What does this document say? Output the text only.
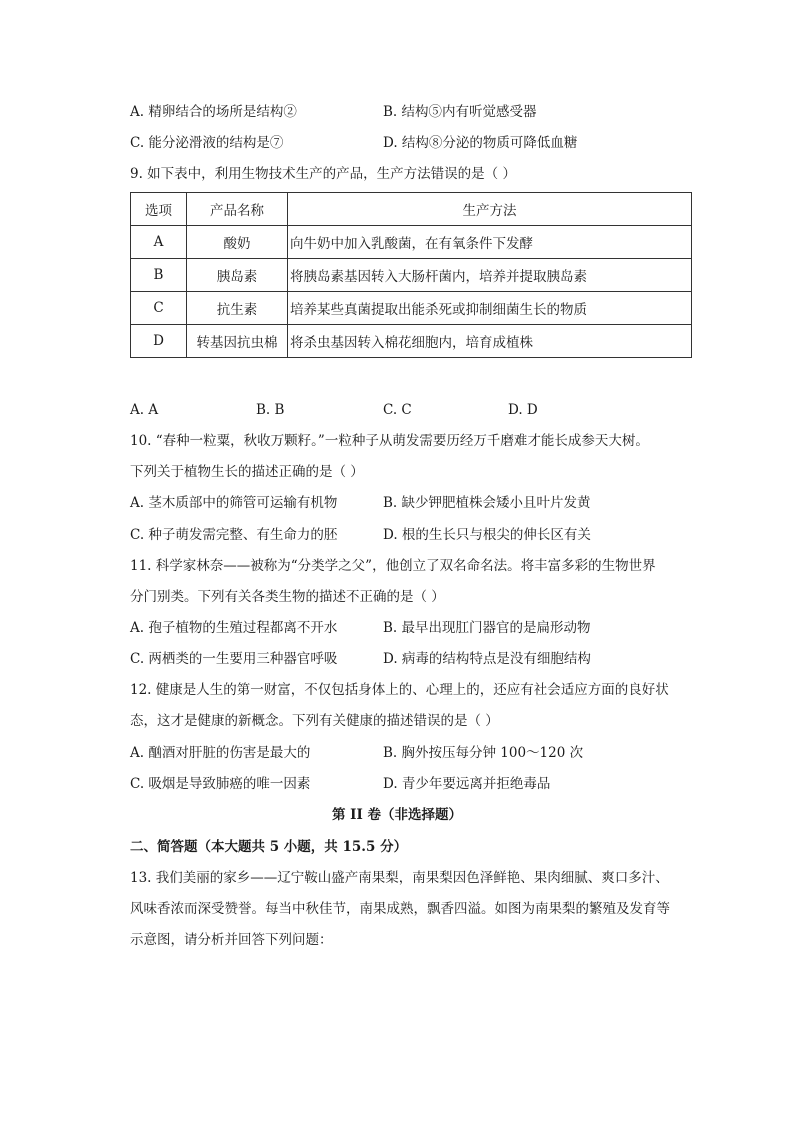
A. 精卵结合的场所是结构②	B. 结构⑤内有听觉感受器
C. 能分泌滑液的结构是⑦	D. 结构⑧分泌的物质可降低血糖
9. 如下表中，利用生物技术生产的产品，生产方法错误的是（ ）
选项	产品名称	生产方法
A	酸奶	向牛奶中加入乳酸菌，在有氧条件下发酵
B	胰岛素	将胰岛素基因转入大肠杆菌内，培养并提取胰岛素
C	抗生素	培养某些真菌提取出能杀死或抑制细菌生长的物质
D	转基因抗虫棉	将杀虫基因转入棉花细胞内，培育成植株
A. A	B. B	C. C	D. D
10. “春种一粒粟，秋收万颗籽。”一粒种子从萌发需要历经万千磨难才能长成参天大树。
下列关于植物生长的描述正确的是（ ）
A. 茎木质部中的筛管可运输有机物	B. 缺少钾肥植株会矮小且叶片发黄
C. 种子萌发需完整、有生命力的胚	D. 根的生长只与根尖的伸长区有关
11. 科学家林奈——被称为“分类学之父”，他创立了双名命名法。将丰富多彩的生物世界
分门别类。下列有关各类生物的描述不正确的是（ ）
A. 孢子植物的生殖过程都离不开水	B. 最早出现肛门器官的是扁形动物
C. 两栖类的一生要用三种器官呼吸	D. 病毒的结构特点是没有细胞结构
12. 健康是人生的第一财富，不仅包括身体上的、心理上的，还应有社会适应方面的良好状
态，这才是健康的新概念。下列有关健康的描述错误的是（ ）
A. 酗酒对肝脏的伤害是最大的	B. 胸外按压每分钟 100～120 次
C. 吸烟是导致肺癌的唯一因素	D. 青少年要远离并拒绝毒品
第 II 卷（非选择题）
二、简答题（本大题共 5 小题，共 15.5 分）
13. 我们美丽的家乡——辽宁鞍山盛产南果梨，南果梨因色泽鲜艳、果肉细腻、爽口多汁、
风味香浓而深受赞誉。每当中秋佳节，南果成熟，飘香四溢。如图为南果梨的繁殖及发育等
示意图，请分析并回答下列问题：
